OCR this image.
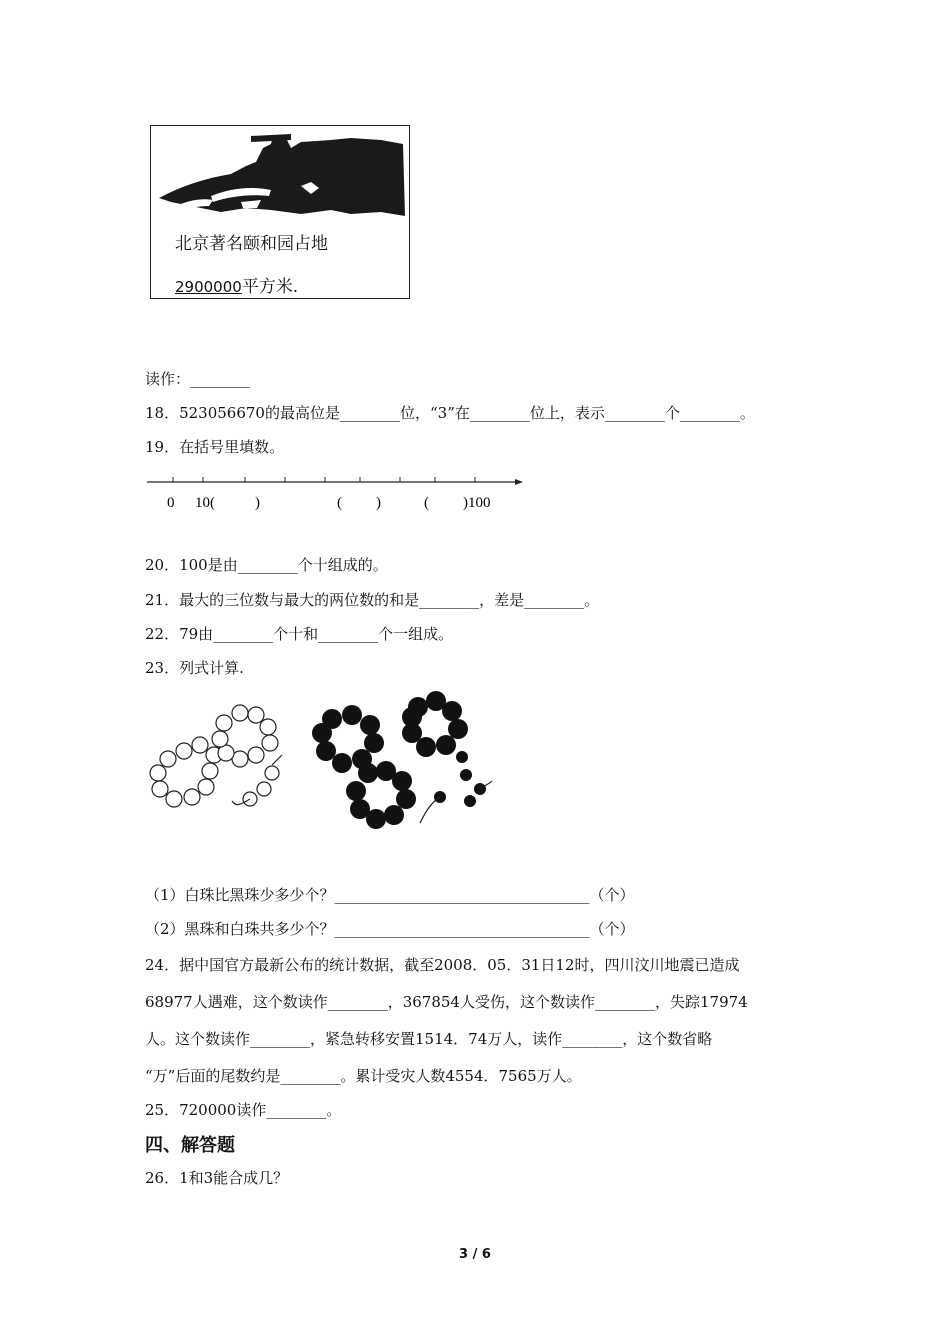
北京著名颐和园占地
2900000平方米.
读作：________
18．523056670的最高位是________位，“3”在________位上，表示________个________。
19．在括号里填数。
0 10(	)	( )	( )100
20．100是由________个十组成的。
21．最大的三位数与最大的两位数的和是________，差是________。
22．79由________个十和________个一组成。
23．列式计算.
（1）白珠比黑珠少多少个？__________________________________（个）
（2）黑珠和白珠共多少个？__________________________________（个）
24．据中国官方最新公布的统计数据，截至2008．05．31日12时，四川汶川地震已造成
68977人遇难，这个数读作________，367854人受伤，这个数读作________，失踪17974
人。这个数读作________，紧急转移安置1514．74万人，读作________，这个数省略
“万”后面的尾数约是________。累计受灾人数4554．7565万人。
25．720000读作________。
四、解答题
26．1和3能合成几？
3 / 6
